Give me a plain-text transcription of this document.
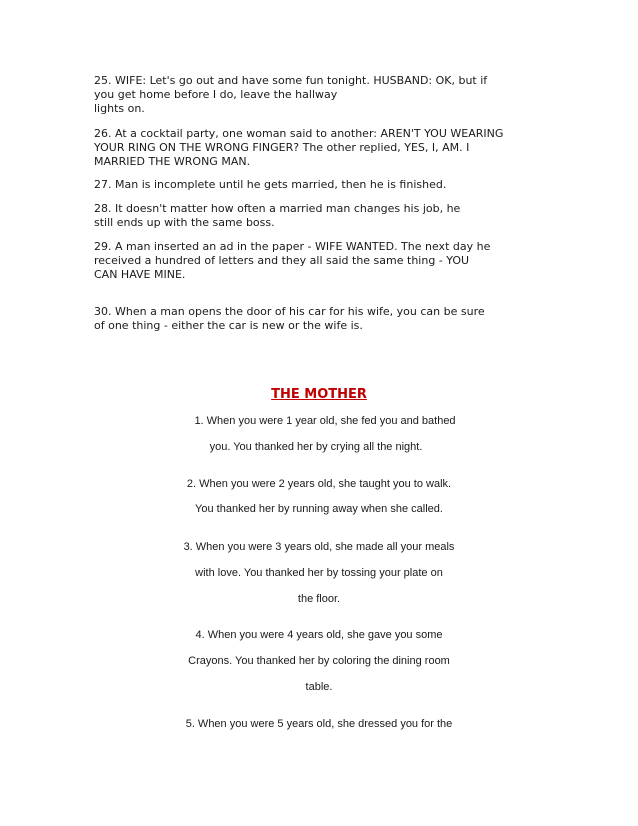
25. WIFE: Let's go out and have some fun tonight. HUSBAND: OK, but if
you get home before I do, leave the hallway
lights on.

26. At a cocktail party, one woman said to another: AREN'T YOU WEARING
YOUR RING ON THE WRONG FINGER? The other replied, YES, I, AM. I
MARRIED THE WRONG MAN.

27. Man is incomplete until he gets married, then he is finished.

28. It doesn't matter how often a married man changes his job, he
still ends up with the same boss.

29. A man inserted an ad in the paper - WIFE WANTED. The next day he
received a hundred of letters and they all said the same thing - YOU
CAN HAVE MINE.

30. When a man opens the door of his car for his wife, you can be sure
of one thing - either the car is new or the wife is.

THE MOTHER

1. When you were 1 year old, she fed you and bathed

you. You thanked her by crying all the night.

2. When you were 2 years old, she taught you to walk.

You thanked her by running away when she called.

3. When you were 3 years old, she made all your meals

with love. You thanked her by tossing your plate on

the floor.

4. When you were 4 years old, she gave you some

Crayons. You thanked her by coloring the dining room

table.

5. When you were 5 years old, she dressed you for the
